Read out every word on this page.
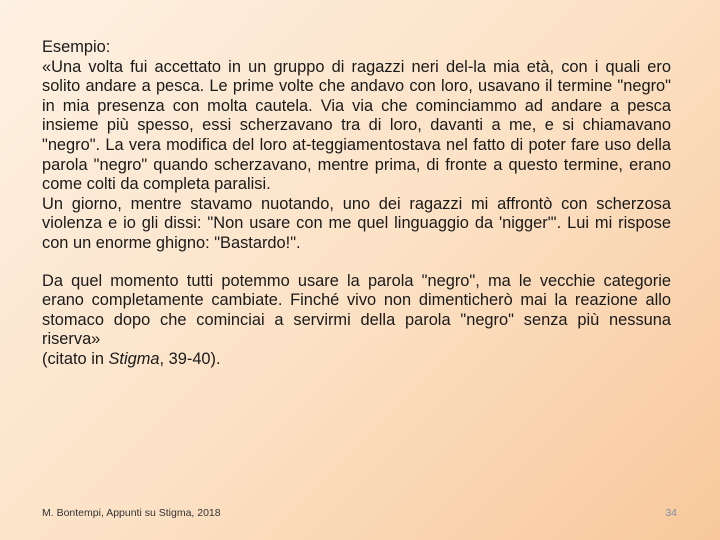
Esempio:

«Una volta fui accettato in un gruppo di ragazzi neri del-la mia età, con i quali ero solito andare a pesca. Le prime volte che andavo con loro, usavano il termine "negro" in mia presenza con molta cautela. Via via che cominciammo ad andare a pesca insieme più spesso, essi scherzavano tra di loro, davanti a me, e si chiamavano "negro". La vera modifica del loro at-teggiamentostava nel fatto di poter fare uso della parola "negro" quando scherzavano, mentre prima, di fronte a questo termine, erano come colti da completa paralisi.

Un giorno, mentre stavamo nuotando, uno dei ragazzi mi affrontò con scherzosa violenza e io gli dissi: "Non usare con me quel linguaggio da 'nigger"'. Lui mi rispose con un enorme ghigno: "Bastardo!".

Da quel momento tutti potemmo usare la parola "negro", ma le vecchie categorie erano completamente cambiate. Finché vivo non dimenticherò mai la reazione allo stomaco dopo che cominciai a servirmi della parola "negro" senza più nessuna riserva»

(citato in Stigma, 39-40).

M. Bontempi, Appunti su Stigma, 2018	34
